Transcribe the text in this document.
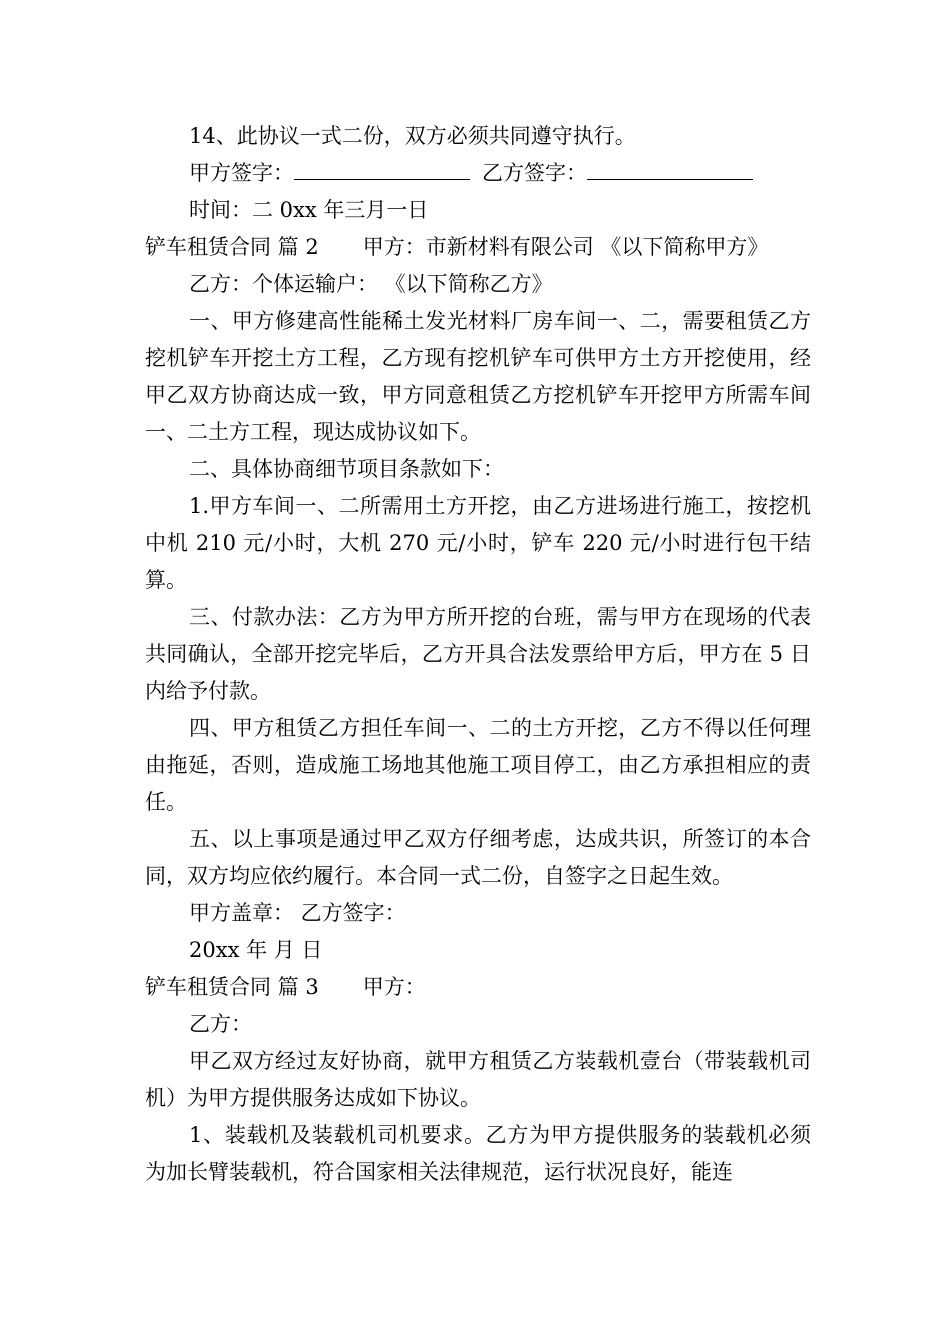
14、此协议一式二份，双方必须共同遵守执行。

甲方签字：	乙方签字：

时间：二 0xx 年三月一日

铲车租赁合同 篇 2 甲方：市新材料有限公司 《以下简称甲方》

乙方：个体运输户： 《以下简称乙方》

一、甲方修建高性能稀土发光材料厂房车间一、二，需要租赁乙方挖机铲车开挖土方工程，乙方现有挖机铲车可供甲方土方开挖使用，经甲乙双方协商达成一致，甲方同意租赁乙方挖机铲车开挖甲方所需车间一、二土方工程，现达成协议如下。

二、具体协商细节项目条款如下：

1.甲方车间一、二所需用土方开挖，由乙方进场进行施工，按挖机中机 210 元/小时，大机 270 元/小时，铲车 220 元/小时进行包干结算。

三、付款办法：乙方为甲方所开挖的台班，需与甲方在现场的代表共同确认，全部开挖完毕后，乙方开具合法发票给甲方后，甲方在 5 日内给予付款。

四、甲方租赁乙方担任车间一、二的土方开挖，乙方不得以任何理由拖延，否则，造成施工场地其他施工项目停工，由乙方承担相应的责任。

五、以上事项是通过甲乙双方仔细考虑，达成共识，所签订的本合同，双方均应依约履行。本合同一式二份，自签字之日起生效。

甲方盖章： 乙方签字：

20xx 年 月 日

铲车租赁合同 篇 3 甲方：

乙方：

甲乙双方经过友好协商，就甲方租赁乙方装载机壹台（带装载机司机）为甲方提供服务达成如下协议。

1、装载机及装载机司机要求。乙方为甲方提供服务的装载机必须为加长臂装载机，符合国家相关法律规范，运行状况良好，能连
